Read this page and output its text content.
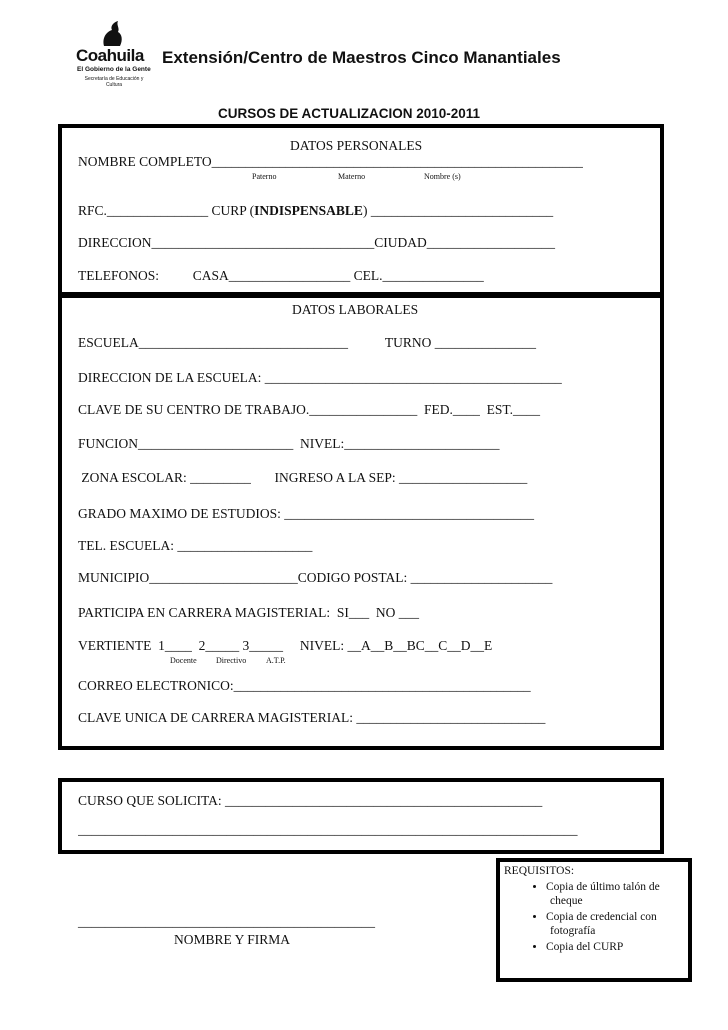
Coahuila
El Gobierno de la Gente
Secretaría de Educación y Cultura
Extensión/Centro de Maestros Cinco Manantiales
CURSOS DE ACTUALIZACION 2010-2011
DATOS PERSONALES
NOMBRE COMPLETO_______________________________________________________
Paterno	Materno	Nombre (s)
RFC._______________ CURP (INDISPENSABLE) ___________________________
DIRECCION_________________________________CIUDAD___________________
TELEFONOS:          CASA__________________ CEL._______________
DATOS LABORALES
ESCUELA_______________________________           TURNO _______________
DIRECCION DE LA ESCUELA: ____________________________________________
CLAVE DE SU CENTRO DE TRABAJO.________________  FED.____  EST.____
FUNCION_______________________  NIVEL:_______________________
ZONA ESCOLAR: _________       INGRESO A LA SEP: ___________________
GRADO MAXIMO DE ESTUDIOS: _____________________________________
TEL. ESCUELA: ____________________
MUNICIPIO______________________CODIGO POSTAL: _____________________
PARTICIPA EN CARRERA MAGISTERIAL:  SI___  NO ___
VERTIENTE  1____  2_____ 3_____     NIVEL: __A__B__BC__C__D__E
Docente Directivo A.T.P.
CORREO ELECTRONICO:____________________________________________
CLAVE UNICA DE CARRERA MAGISTERIAL: ____________________________
CURSO QUE SOLICITA: _______________________________________________
__________________________________________________________________________
____________________________________________
NOMBRE Y FIRMA
REQUISITOS:
• Copia de último talón de
cheque
• Copia de credencial con
fotografía
• Copia del CURP
